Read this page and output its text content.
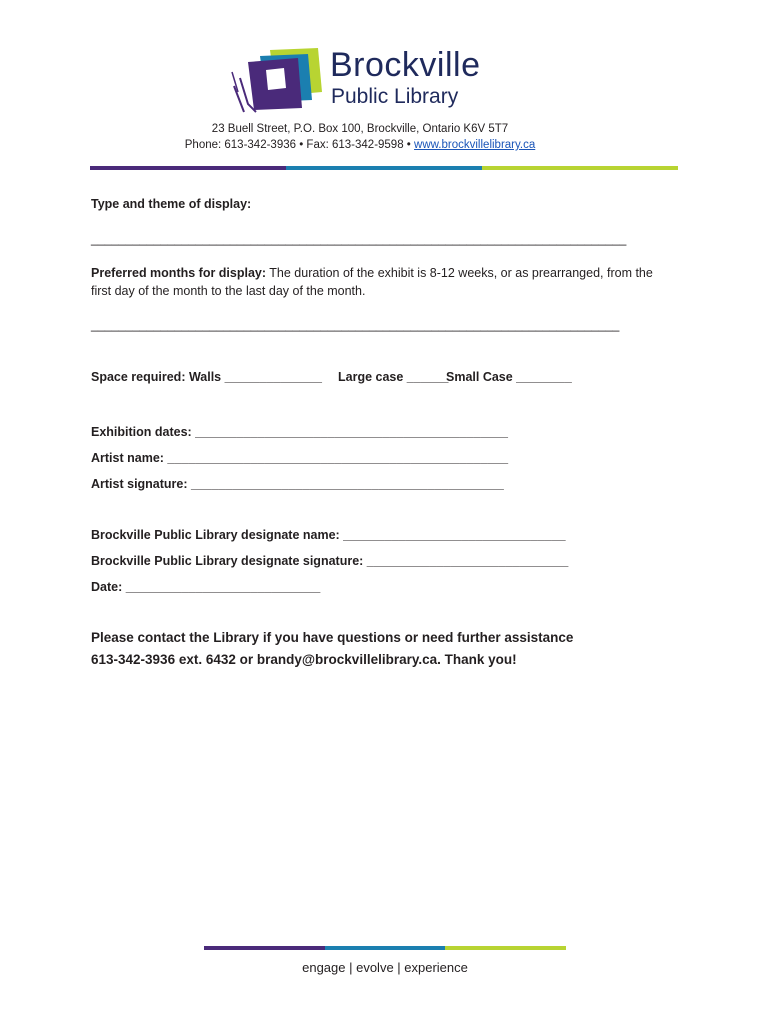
Brockville
Public Library
23 Buell Street, P.O. Box 100, Brockville, Ontario K6V 5T7
Phone: 613-342-3936 • Fax: 613-342-9598 • www.brockvillelibrary.ca
Type and theme of display:
_____________________________________________________________________________
Preferred months for display: The duration of the exhibit is 8-12 weeks, or as prearranged, from the first day of the month to the last day of the month.
____________________________________________________________________________
Space required: Walls ______________ Large case ______
Small Case ________
Exhibition dates: _____________________________________________
Artist name: _________________________________________________
Artist signature: _____________________________________________
Brockville Public Library designate name: ________________________________
Brockville Public Library designate signature: _____________________________
Date: ____________________________
Please contact the Library if you have questions or need further assistance
613-342-3936 ext. 6432 or brandy@brockvillelibrary.ca. Thank you!
engage | evolve | experience
